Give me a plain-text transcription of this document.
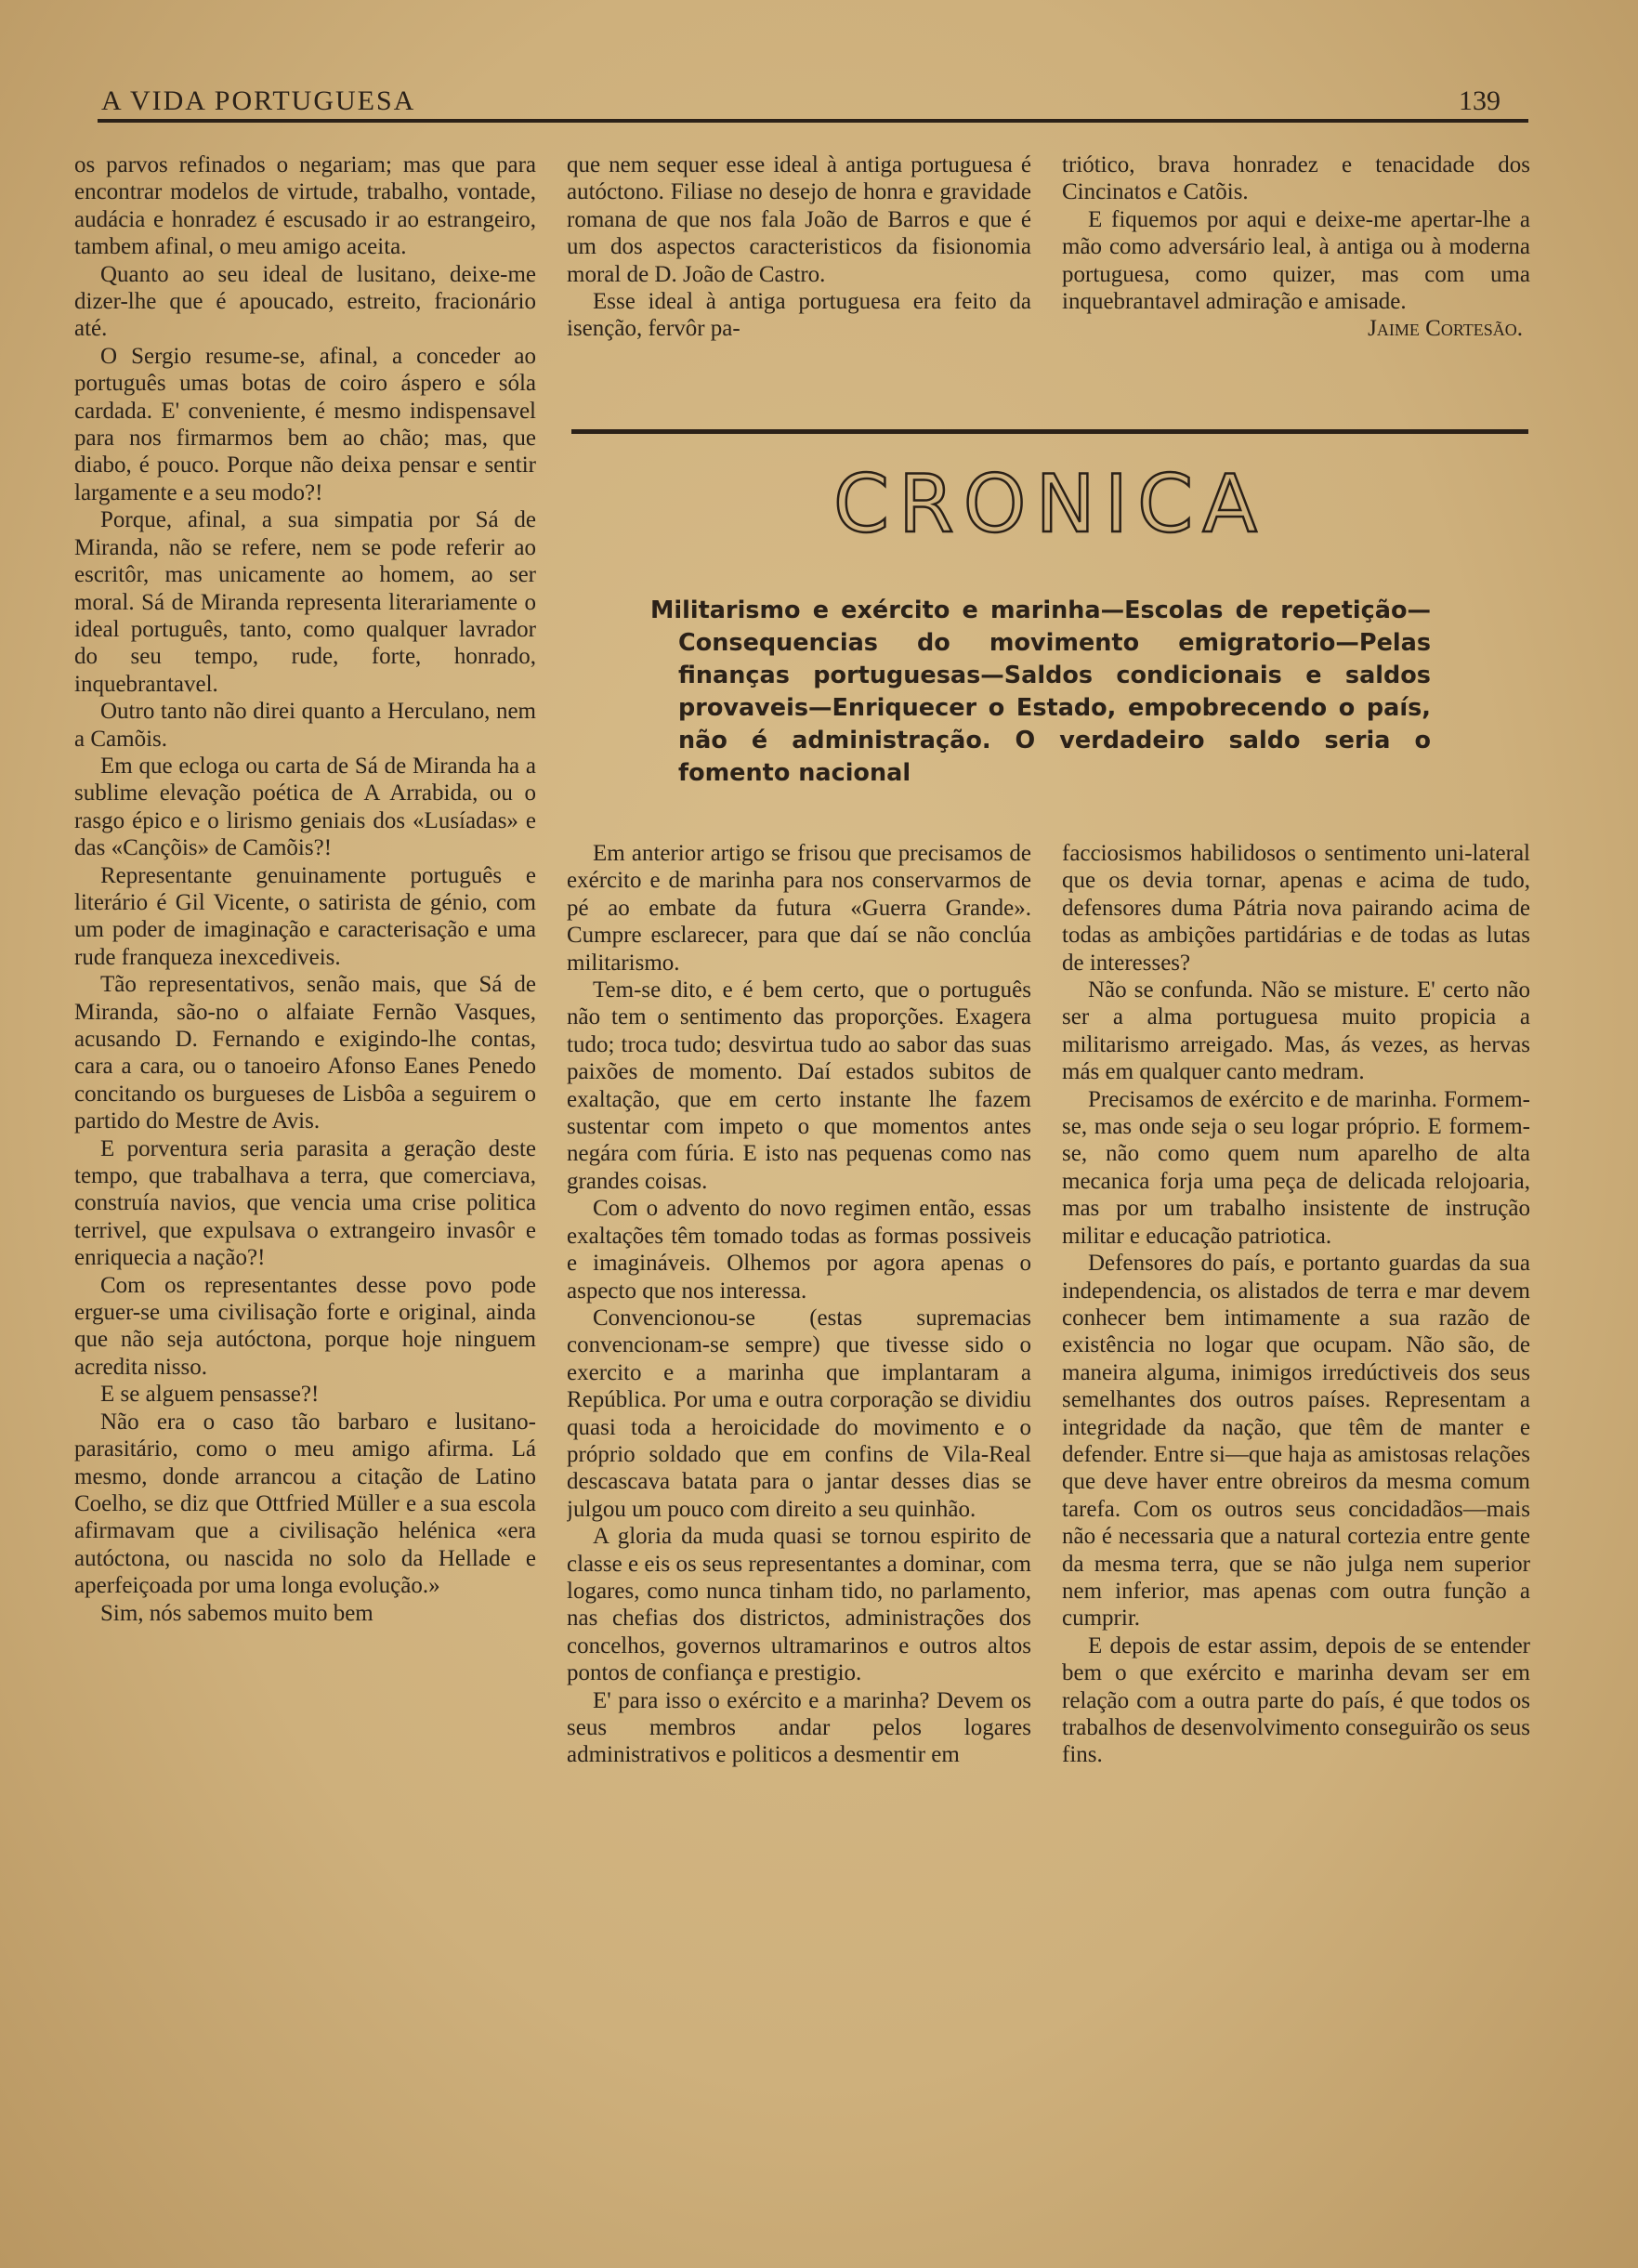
A VIDA PORTUGUESA	139

os parvos refinados o negariam; mas que para encontrar modelos de virtude, trabalho, vontade, audácia e honradez é escusado ir ao estrangeiro, tambem afinal, o meu amigo aceita.

Quanto ao seu ideal de lusitano, deixe-me dizer-lhe que é apoucado, estreito, fracionário até.

O Sergio resume-se, afinal, a conceder ao português umas botas de coiro áspero e sóla cardada. E' conveniente, é mesmo indispensavel para nos firmarmos bem ao chão; mas, que diabo, é pouco. Porque não deixa pensar e sentir largamente e a seu modo?!

Porque, afinal, a sua simpatia por Sá de Miranda, não se refere, nem se pode referir ao escritôr, mas unicamente ao homem, ao ser moral. Sá de Miranda representa literariamente o ideal português, tanto, como qualquer lavrador do seu tempo, rude, forte, honrado, inquebrantavel.

Outro tanto não direi quanto a Herculano, nem a Camõis.

Em que ecloga ou carta de Sá de Miranda ha a sublime elevação poética de A Arrabida, ou o rasgo épico e o lirismo geniais dos «Lusíadas» e das «Cançõis» de Camõis?!

Representante genuinamente português e literário é Gil Vicente, o satirista de génio, com um poder de imaginação e caracterisação e uma rude franqueza inexcediveis.

Tão representativos, senão mais, que Sá de Miranda, são-no o alfaiate Fernão Vasques, acusando D. Fernando e exigindo-lhe contas, cara a cara, ou o tanoeiro Afonso Eanes Penedo concitando os burgueses de Lisbôa a seguirem o partido do Mestre de Avis.

E porventura seria parasita a geração deste tempo, que trabalhava a terra, que comerciava, construía navios, que vencia uma crise politica terrivel, que expulsava o extrangeiro invasôr e enriquecia a nação?!

Com os representantes desse povo pode erguer-se uma civilisação forte e original, ainda que não seja autóctona, porque hoje ninguem acredita nisso.

E se alguem pensasse?!

Não era o caso tão barbaro e lusitano-parasitário, como o meu amigo afirma. Lá mesmo, donde arrancou a citação de Latino Coelho, se diz que Ottfried Müller e a sua escola afirmavam que a civilisação helénica «era autóctona, ou nascida no solo da Hellade e aperfeiçoada por uma longa evolução.»

Sim, nós sabemos muito bem

que nem sequer esse ideal à antiga portuguesa é autóctono. Filiase no desejo de honra e gravidade romana de que nos fala João de Barros e que é um dos aspectos caracteristicos da fisionomia moral de D. João de Castro.

Esse ideal à antiga portuguesa era feito da isenção, fervôr pa-

triótico, brava honradez e tenacidade dos Cincinatos e Catõis.

E fiquemos por aqui e deixe-me apertar-lhe a mão como adversário leal, à antiga ou à moderna portuguesa, como quizer, mas com uma inquebrantavel admiração e amisade.

Jaime Cortesão.

CRONICA
Militarismo e exército e marinha—Escolas de repetição—Consequencias do movimento emigratorio—Pelas finanças portuguesas—Saldos condicionais e saldos provaveis—Enriquecer o Estado, empobrecendo o país, não é administração. O verdadeiro saldo seria o fomento nacional

Em anterior artigo se frisou que precisamos de exército e de marinha para nos conservarmos de pé ao embate da futura «Guerra Grande». Cumpre esclarecer, para que daí se não conclúa militarismo.

Tem-se dito, e é bem certo, que o português não tem o sentimento das proporções. Exagera tudo; troca tudo; desvirtua tudo ao sabor das suas paixões de momento. Daí estados subitos de exaltação, que em certo instante lhe fazem sustentar com impeto o que momentos antes negára com fúria. E isto nas pequenas como nas grandes coisas.

Com o advento do novo regimen então, essas exaltações têm tomado todas as formas possiveis e imagináveis. Olhemos por agora apenas o aspecto que nos interessa.

Convencionou-se (estas supremacias convencionam-se sempre) que tivesse sido o exercito e a marinha que implantaram a República. Por uma e outra corporação se dividiu quasi toda a heroicidade do movimento e o próprio soldado que em confins de Vila-Real descascava batata para o jantar desses dias se julgou um pouco com direito a seu quinhão.

A gloria da muda quasi se tornou espirito de classe e eis os seus representantes a dominar, com logares, como nunca tinham tido, no parlamento, nas chefias dos districtos, administrações dos concelhos, governos ultramarinos e outros altos pontos de confiança e prestigio.

E' para isso o exército e a marinha? Devem os seus membros andar pelos logares administrativos e politicos a desmentir em

facciosismos habilidosos o sentimento uni-lateral que os devia tornar, apenas e acima de tudo, defensores duma Pátria nova pairando acima de todas as ambições partidárias e de todas as lutas de interesses?

Não se confunda. Não se misture. E' certo não ser a alma portuguesa muito propicia a militarismo arreigado. Mas, ás vezes, as hervas más em qualquer canto medram.

Precisamos de exército e de marinha. Formem-se, mas onde seja o seu logar próprio. E formem-se, não como quem num aparelho de alta mecanica forja uma peça de delicada relojoaria, mas por um trabalho insistente de instrução militar e educação patriotica.

Defensores do país, e portanto guardas da sua independencia, os alistados de terra e mar devem conhecer bem intimamente a sua razão de existência no logar que ocupam. Não são, de maneira alguma, inimigos irredúctiveis dos seus semelhantes dos outros países. Representam a integridade da nação, que têm de manter e defender. Entre si—que haja as amistosas relações que deve haver entre obreiros da mesma comum tarefa. Com os outros seus concidadãos—mais não é necessaria que a natural cortezia entre gente da mesma terra, que se não julga nem superior nem inferior, mas apenas com outra função a cumprir.

E depois de estar assim, depois de se entender bem o que exército e marinha devam ser em relação com a outra parte do país, é que todos os trabalhos de desenvolvimento conseguirão os seus fins.
